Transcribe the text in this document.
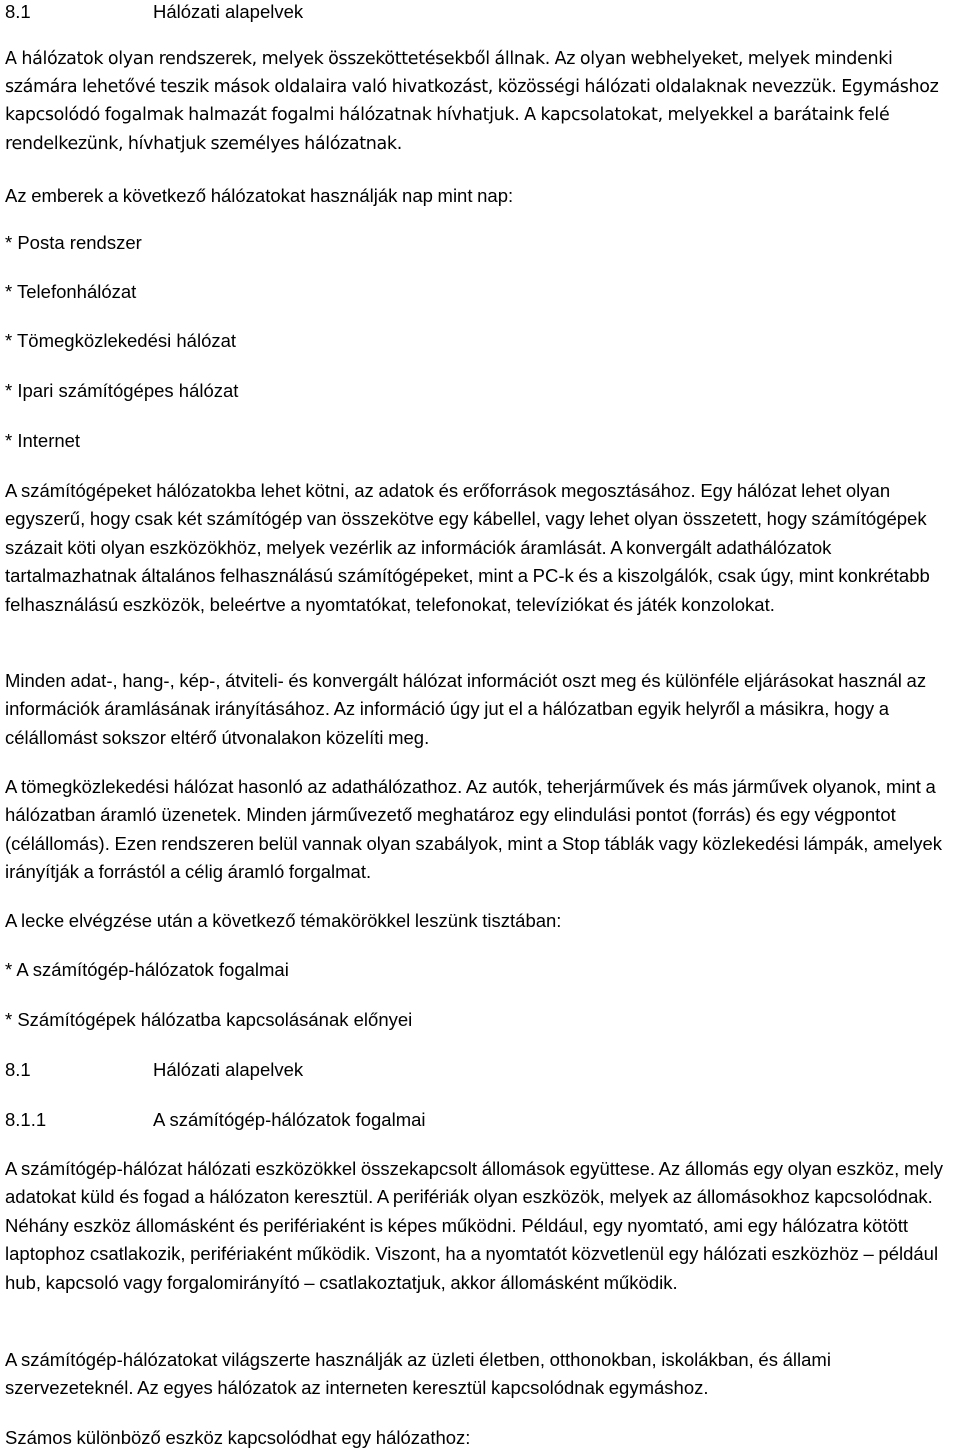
8.1	Hálózati alapelvek

A hálózatok olyan rendszerek, melyek összeköttetésekből állnak. Az olyan webhelyeket, melyek mindenki számára lehetővé teszik mások oldalaira való hivatkozást, közösségi hálózati oldalaknak nevezzük. Egymáshoz kapcsolódó fogalmak halmazát fogalmi hálózatnak hívhatjuk. A kapcsolatokat, melyekkel a barátaink felé rendelkezünk, hívhatjuk személyes hálózatnak.

Az emberek a következő hálózatokat használják nap mint nap:

* Posta rendszer

* Telefonhálózat

* Tömegközlekedési hálózat

* Ipari számítógépes hálózat

* Internet

A számítógépeket hálózatokba lehet kötni, az adatok és erőforrások megosztásához. Egy hálózat lehet olyan egyszerű, hogy csak két számítógép van összekötve egy kábellel, vagy lehet olyan összetett, hogy számítógépek százait köti olyan eszközökhöz, melyek vezérlik az információk áramlását. A konvergált adathálózatok tartalmazhatnak általános felhasználású számítógépeket, mint a PC-k és a kiszolgálók, csak úgy, mint konkrétabb felhasználású eszközök, beleértve a nyomtatókat, telefonokat, televíziókat és játék konzolokat.

Minden adat-, hang-, kép-, átviteli- és konvergált hálózat információt oszt meg és különféle eljárásokat használ az információk áramlásának irányításához. Az információ úgy jut el a hálózatban egyik helyről a másikra, hogy a célállomást sokszor eltérő útvonalakon közelíti meg.

A tömegközlekedési hálózat hasonló az adathálózathoz. Az autók, teherjárművek és más járművek olyanok, mint a hálózatban áramló üzenetek. Minden járművezető meghatároz egy elindulási pontot (forrás) és egy végpontot (célállomás). Ezen rendszeren belül vannak olyan szabályok, mint a Stop táblák vagy közlekedési lámpák, amelyek irányítják a forrástól a célig áramló forgalmat.

A lecke elvégzése után a következő témakörökkel leszünk tisztában:

* A számítógép-hálózatok fogalmai

* Számítógépek hálózatba kapcsolásának előnyei

8.1	Hálózati alapelvek
8.1.1	A számítógép-hálózatok fogalmai

A számítógép-hálózat hálózati eszközökkel összekapcsolt állomások együttese. Az állomás egy olyan eszköz, mely adatokat küld és fogad a hálózaton keresztül. A perifériák olyan eszközök, melyek az állomásokhoz kapcsolódnak. Néhány eszköz állomásként és perifériaként is képes működni. Például, egy nyomtató, ami egy hálózatra kötött laptophoz csatlakozik, perifériaként működik. Viszont, ha a nyomtatót közvetlenül egy hálózati eszközhöz – például hub, kapcsoló vagy forgalomirányító – csatlakoztatjuk, akkor állomásként működik.

A számítógép-hálózatokat világszerte használják az üzleti életben, otthonokban, iskolákban, és állami szervezeteknél. Az egyes hálózatok az interneten keresztül kapcsolódnak egymáshoz.

Számos különböző eszköz kapcsolódhat egy hálózathoz:
